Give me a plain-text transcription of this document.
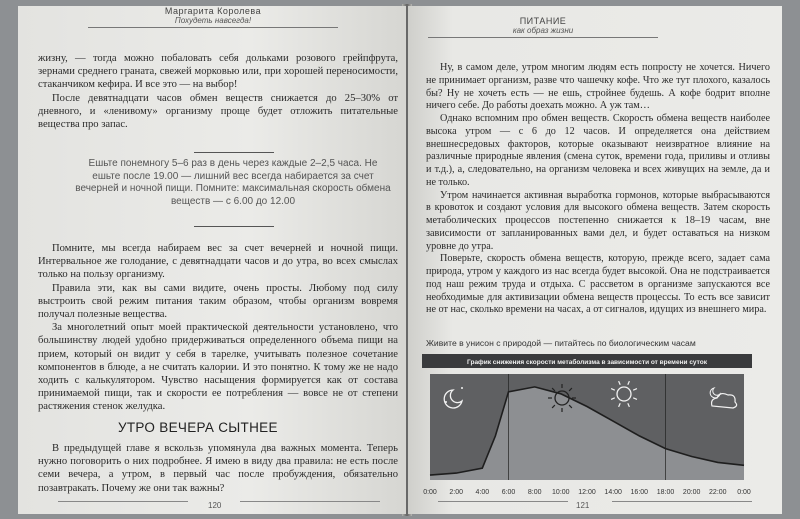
Маргарита Королева
Похудеть навсегда!

жизну, — тогда можно побаловать себя дольками розового грейпфрута, зернами среднего граната, свежей морковью или, при хорошей переносимости, стаканчиком кефира. И все это — на выбор!

После девятнадцати часов обмен веществ снижается до 25–30% от дневного, и «ленивому» организму проще будет отложить питательные вещества про запас.

Ешьте понемногу 5–6 раз в день через каждые 2–2,5 часа. Не ешьте после 19.00 — лишний вес всегда набирается за счет вечерней и ночной пищи. Помните: максимальная скорость обмена веществ — с 6.00 до 12.00

Помните, мы всегда набираем вес за счет вечерней и ночной пищи. Интервальное же голодание, с девятнадцати часов и до утра, во всех смыслах только на пользу организму.

Правила эти, как вы сами видите, очень просты. Любому под силу выстроить свой режим питания таким образом, чтобы организм вовремя получал полезные вещества.

За многолетний опыт моей практической деятельности установлено, что большинству людей удобно придерживаться определенного объема пищи на прием, который он видит у себя в тарелке, учитывать полезное сочетание компонентов в блюде, а не считать калории. И это понятно. К тому же не надо ходить с калькулятором. Чувство насыщения формируется как от состава принимаемой пищи, так и скорости ее потребления — вовсе не от степени растяжения стенок желудка.

УТРО ВЕЧЕРА СЫТНЕЕ

В предыдущей главе я вскользь упомянула два важных момента. Теперь нужно поговорить о них подробнее. Я имею в виду два правила: не есть после семи вечера, а утром, в первый час после пробуждения, обязательно позавтракать. Почему же они так важны?

120
ПИТАНИЕ
как образ жизни

Ну, в самом деле, утром многим людям есть попросту не хочется. Ничего не принимает организм, разве что чашечку кофе. Что же тут плохого, казалось бы? Ну не хочеть есть — не ешь, стройнее будешь. А кофе бодрит вполне ничего себе. До работы доехать можно. А уж там…

Однако вспомним про обмен веществ. Скорость обмена веществ наиболее высока утром — с 6 до 12 часов. И определяется она действием внешнесредовых факторов, которые оказывают неизвратное влияние на различные природные явления (смена суток, времени года, приливы и отливы и т.д.), а, следовательно, на организм человека и всех живущих на земле, да и не только.

Утром начинается активная выработка гормонов, которые выбрасываются в кровоток и создают условия для высокого обмена веществ. Затем скорость метаболических процессов постепенно снижается к 18–19 часам, вне зависимости от запланированных вами дел, и будет оставаться на низком уровне до утра.

Поверьте, скорость обмена веществ, которую, прежде всего, задает сама природа, утром у каждого из нас всегда будет высокой. Она не подстраивается под наш режим труда и отдыха. С рассветом в организме запускаются все необходимые для активизации обмена веществ процессы. То есть все зависит не от нас, сколько времени на часах, а от сигналов, идущих из внешнего мира.

Живите в унисон с природой — питайтесь по биологическим часам
График снижения скорости метаболизма в зависимости от времени суток
0:00 2:00 4:00 6:00 8:00 10:00 12:00 14:00 16:00 18:00 20:00 22:00 0:00
121
